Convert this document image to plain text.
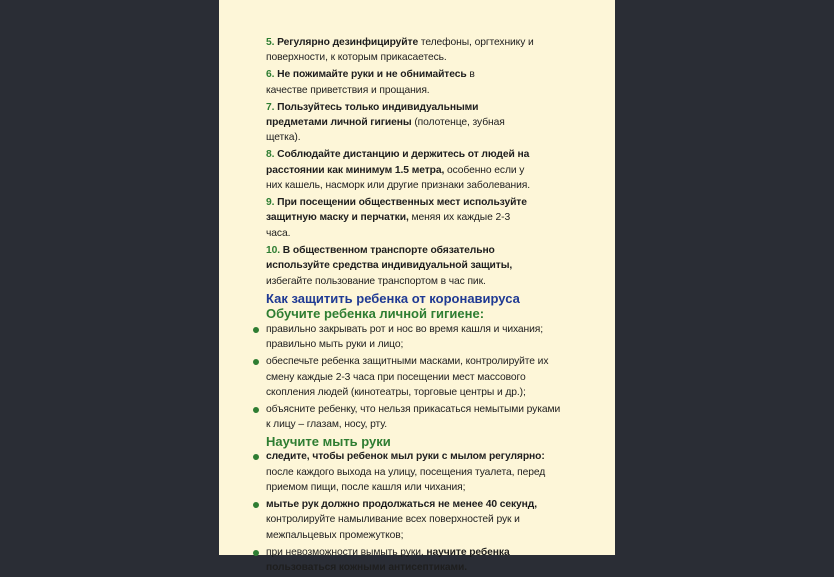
5. Регулярно дезинфицируйте телефоны, оргтехнику и поверхности, к которым прикасаетесь.
6. Не пожимайте руки и не обнимайтесь в качестве приветствия и прощания.
7. Пользуйтесь только индивидуальными предметами личной гигиены (полотенце, зубная щетка).
8. Соблюдайте дистанцию и держитесь от людей на расстоянии как минимум 1.5 метра, особенно если у них кашель, насморк или другие признаки заболевания.
9. При посещении общественных мест используйте защитную маску и перчатки, меняя их каждые 2-3 часа.
10. В общественном транспорте обязательно используйте средства индивидуальной защиты, избегайте пользование транспортом в час пик.
Как защитить ребенка от коронавируса
Обучите ребенка личной гигиене:
правильно закрывать рот и нос во время кашля и чихания; правильно мыть руки и лицо;
обеспечьте ребенка защитными масками, контролируйте их смену каждые 2-3 часа при посещении мест массового скопления людей (кинотеатры, торговые центры и др.);
объясните ребенку, что нельзя прикасаться немытыми руками к лицу – глазам, носу, рту.
Научите мыть руки
следите, чтобы ребенок мыл руки с мылом регулярно: после каждого выхода на улицу, посещения туалета, перед приемом пищи, после кашля или чихания;
мытье рук должно продолжаться не менее 40 секунд, контролируйте намыливание всех поверхностей рук и межпальцевых промежутков;
при невозможности вымыть руки, научите ребенка пользоваться кожными антисептиками.
